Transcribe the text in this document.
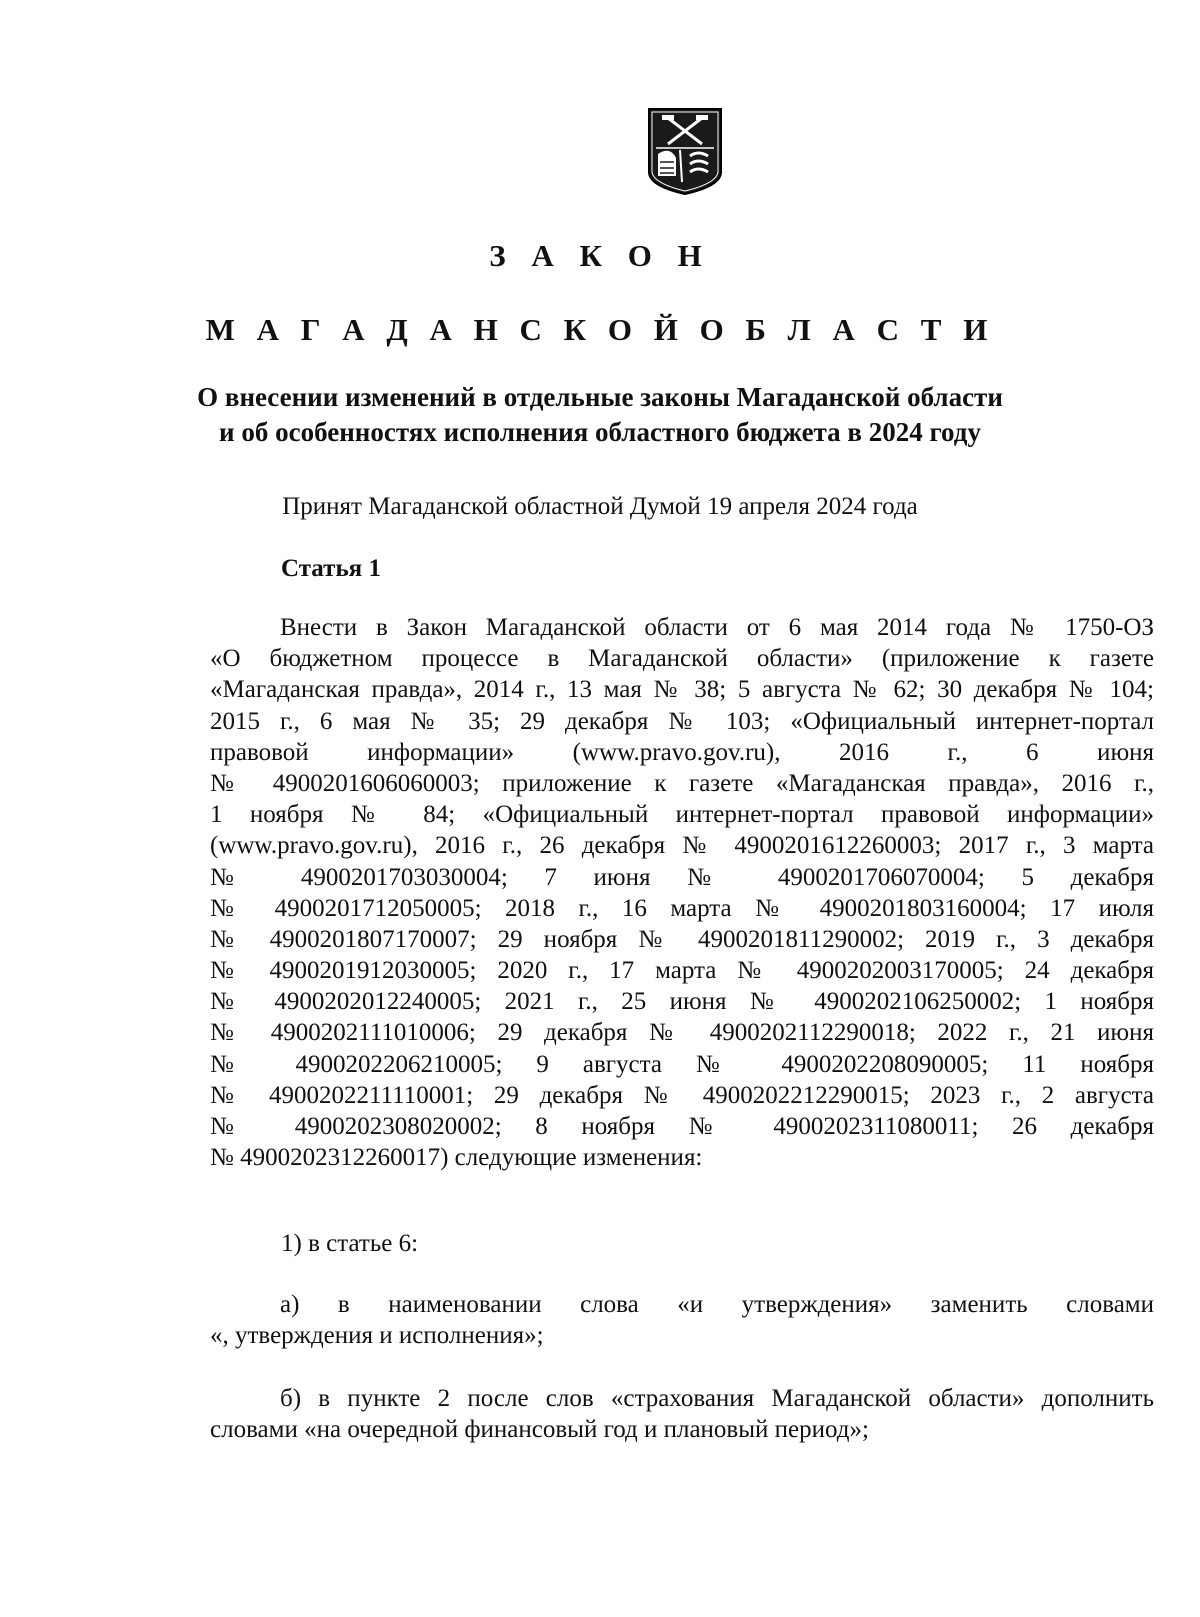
З А К О Н
М А Г А Д А Н С К О Й О Б Л А С Т И
О внесении изменений в отдельные законы Магаданской области
и об особенностях исполнения областного бюджета в 2024 году
Принят Магаданской областной Думой 19 апреля 2024 года
Статья 1
Внести в Закон Магаданской области от 6 мая 2014 года № 1750-ОЗ
«О бюджетном процессе в Магаданской области» (приложение к газете
«Магаданская правда», 2014 г., 13 мая № 38; 5 августа № 62; 30 декабря № 104;
2015 г., 6 мая № 35; 29 декабря № 103; «Официальный интернет-портал
правовой информации» (www.pravo.gov.ru), 2016 г., 6 июня
№ 4900201606060003; приложение к газете «Магаданская правда», 2016 г.,
1 ноября № 84; «Официальный интернет-портал правовой информации»
(www.pravo.gov.ru), 2016 г., 26 декабря № 4900201612260003; 2017 г., 3 марта
№ 4900201703030004; 7 июня № 4900201706070004; 5 декабря
№ 4900201712050005; 2018 г., 16 марта № 4900201803160004; 17 июля
№ 4900201807170007; 29 ноября № 4900201811290002; 2019 г., 3 декабря
№ 4900201912030005; 2020 г., 17 марта № 4900202003170005; 24 декабря
№ 4900202012240005; 2021 г., 25 июня № 4900202106250002; 1 ноября
№ 4900202111010006; 29 декабря № 4900202112290018; 2022 г., 21 июня
№ 4900202206210005; 9 августа № 4900202208090005; 11 ноября
№ 4900202211110001; 29 декабря № 4900202212290015; 2023 г., 2 августа
№ 4900202308020002; 8 ноября № 4900202311080011; 26 декабря
№ 4900202312260017) следующие изменения:
1) в статье 6:
а) в наименовании слова «и утверждения» заменить словами
«, утверждения и исполнения»;
б) в пункте 2 после слов «страхования Магаданской области» дополнить
словами «на очередной финансовый год и плановый период»;
